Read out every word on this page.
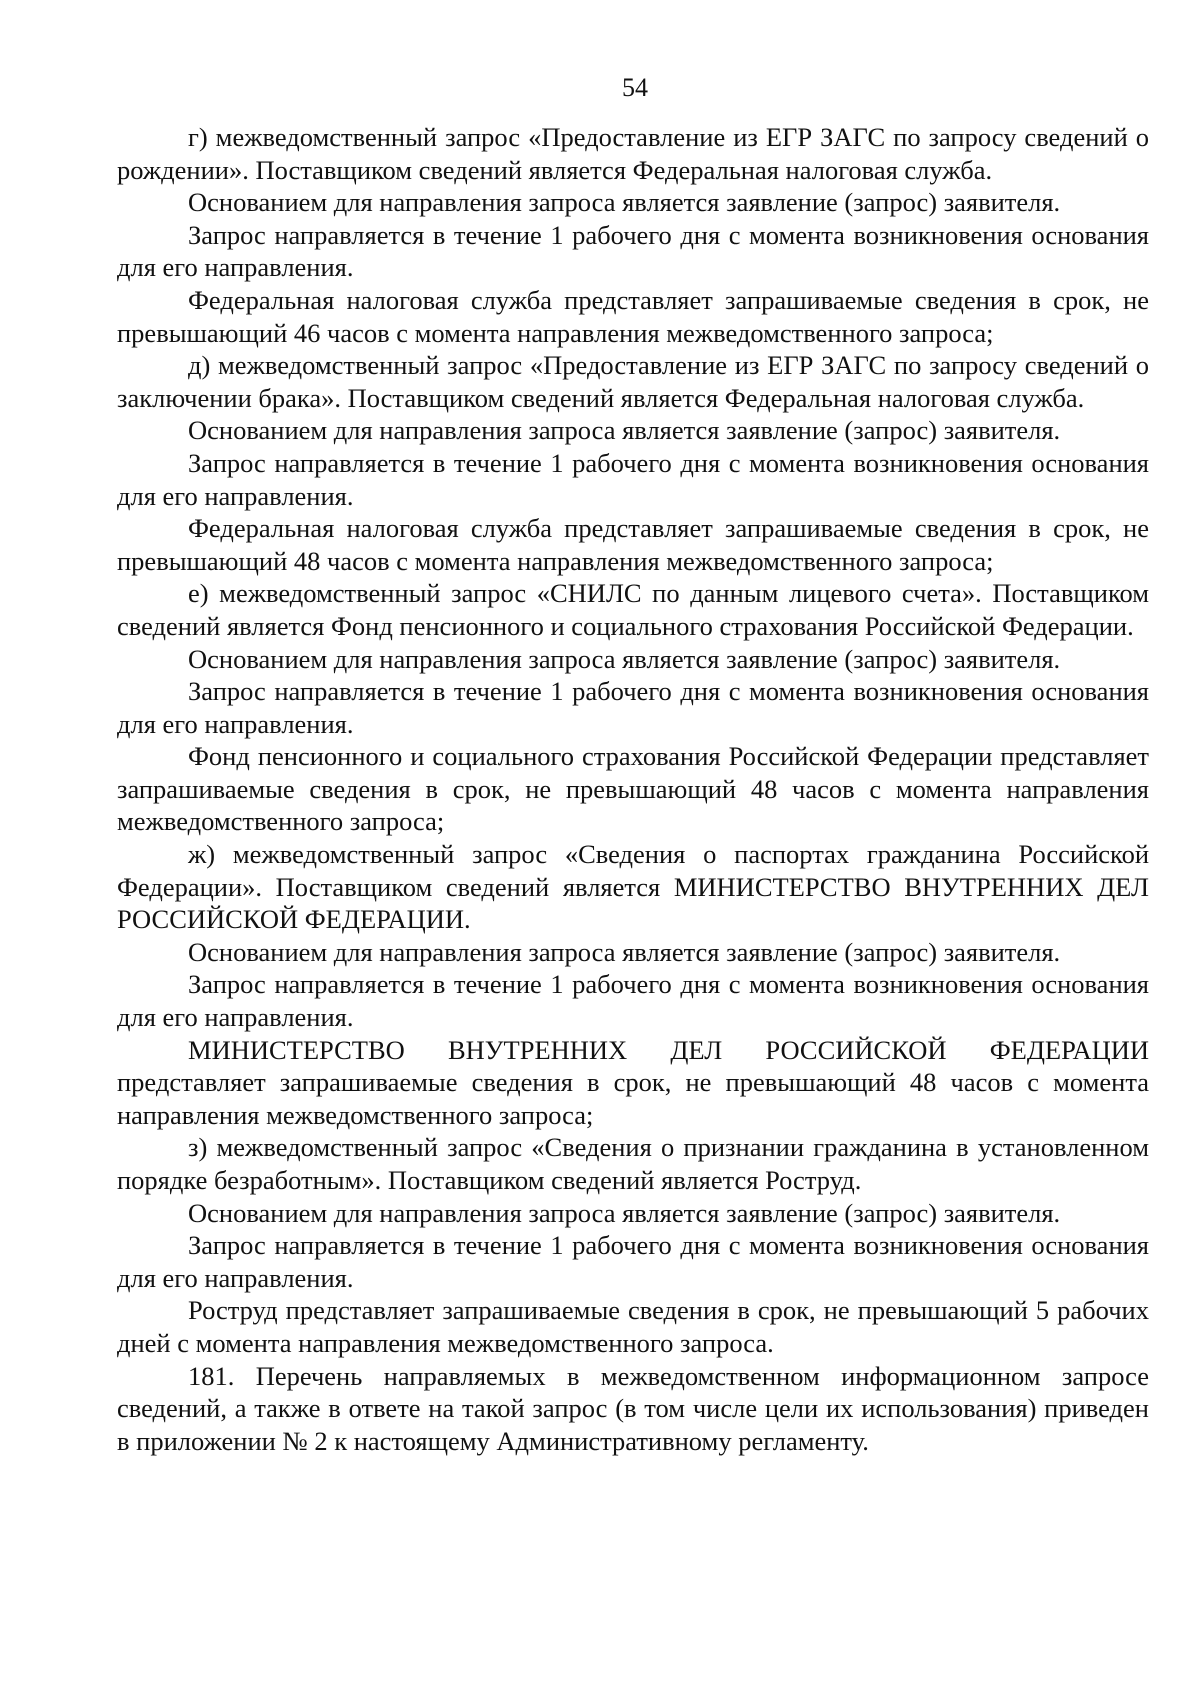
54

г) межведомственный запрос «Предоставление из ЕГР ЗАГС по запросу сведений о рождении». Поставщиком сведений является Федеральная налоговая служба.

Основанием для направления запроса является заявление (запрос) заявителя.

Запрос направляется в течение 1 рабочего дня с момента возникновения основания для его направления.

Федеральная налоговая служба представляет запрашиваемые сведения в срок, не превышающий 46 часов с момента направления межведомственного запроса;

д) межведомственный запрос «Предоставление из ЕГР ЗАГС по запросу сведений о заключении брака». Поставщиком сведений является Федеральная налоговая служба.

Основанием для направления запроса является заявление (запрос) заявителя.

Запрос направляется в течение 1 рабочего дня с момента возникновения основания для его направления.

Федеральная налоговая служба представляет запрашиваемые сведения в срок, не превышающий 48 часов с момента направления межведомственного запроса;

е) межведомственный запрос «СНИЛС по данным лицевого счета». Поставщиком сведений является Фонд пенсионного и социального страхования Российской Федерации.

Основанием для направления запроса является заявление (запрос) заявителя.

Запрос направляется в течение 1 рабочего дня с момента возникновения основания для его направления.

Фонд пенсионного и социального страхования Российской Федерации представляет запрашиваемые сведения в срок, не превышающий 48 часов с момента направления межведомственного запроса;

ж) межведомственный запрос «Сведения о паспортах гражданина Российской Федерации». Поставщиком сведений является МИНИСТЕРСТВО ВНУТРЕННИХ ДЕЛ РОССИЙСКОЙ ФЕДЕРАЦИИ.

Основанием для направления запроса является заявление (запрос) заявителя.

Запрос направляется в течение 1 рабочего дня с момента возникновения основания для его направления.

МИНИСТЕРСТВО ВНУТРЕННИХ ДЕЛ РОССИЙСКОЙ ФЕДЕРАЦИИ представляет запрашиваемые сведения в срок, не превышающий 48 часов с момента направления межведомственного запроса;

з) межведомственный запрос «Сведения о признании гражданина в установленном порядке безработным». Поставщиком сведений является Роструд.

Основанием для направления запроса является заявление (запрос) заявителя.

Запрос направляется в течение 1 рабочего дня с момента возникновения основания для его направления.

Роструд представляет запрашиваемые сведения в срок, не превышающий 5 рабочих дней с момента направления межведомственного запроса.

181. Перечень направляемых в межведомственном информационном запросе сведений, а также в ответе на такой запрос (в том числе цели их использования) приведен в приложении № 2 к настоящему Административному регламенту.
